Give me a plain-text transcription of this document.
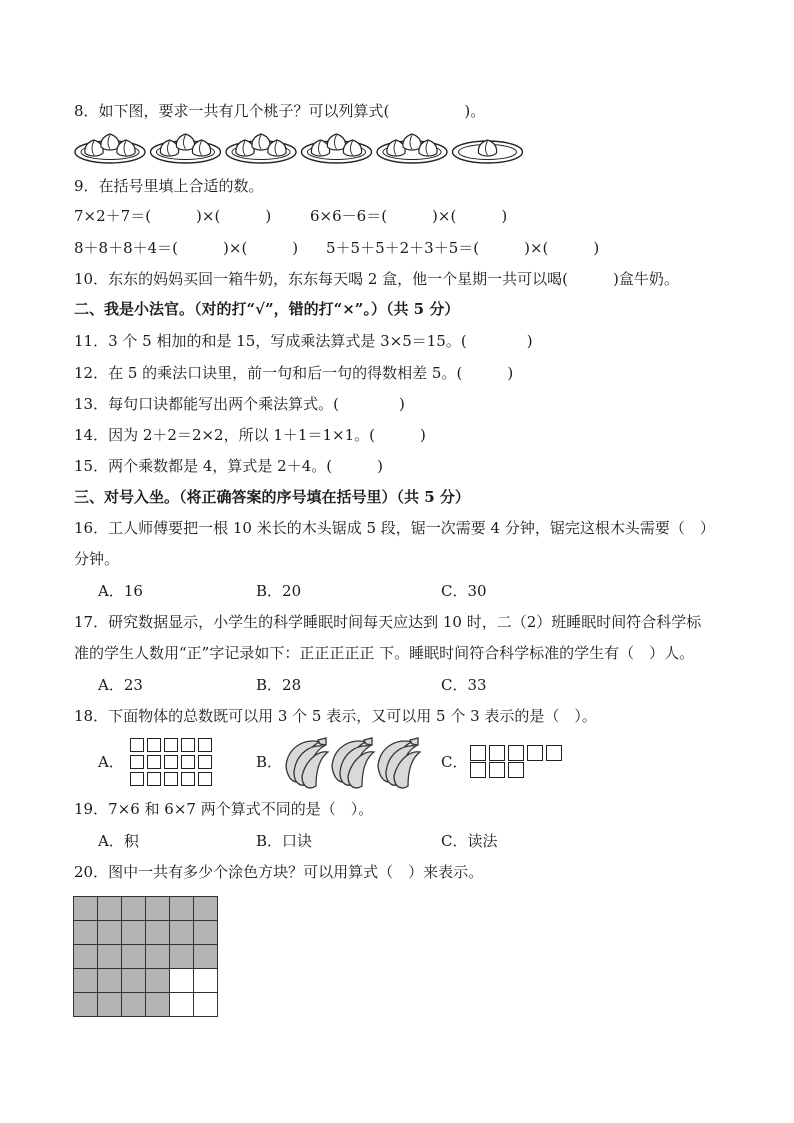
8．如下图，要求一共有几个桃子？可以列算式(　　　　　)。
9．在括号里填上合适的数。
7×2＋7＝(　　　)×(　　　)	6×6－6＝(　　　)×(　　　)
8＋8＋8＋4＝(　　　)×(　　　) 5＋5＋5＋2＋3＋5＝(　　　)×(　　　)
10．东东的妈妈买回一箱牛奶，东东每天喝 2 盒，他一个星期一共可以喝(　　　)盒牛奶。
二、我是小法官。（对的打“√”，错的打“×”。）（共 5 分）
11．3 个 5 相加的和是 15，写成乘法算式是 3×5＝15。(　　　　)
12．在 5 的乘法口诀里，前一句和后一句的得数相差 5。(　　　)
13．每句口诀都能写出两个乘法算式。(　　　　)
14．因为 2＋2＝2×2，所以 1＋1＝1×1。(　　　)
15．两个乘数都是 4，算式是 2＋4。(　　　)
三、对号入坐。（将正确答案的序号填在括号里）（共 5 分）
16．工人师傅要把一根 10 米长的木头锯成 5 段，锯一次需要 4 分钟，锯完这根木头需要（　）
分钟。
A．16	B．20	C．30
17．研究数据显示，小学生的科学睡眠时间每天应达到 10 时，二（2）班睡眠时间符合科学标
准的学生人数用“正”字记录如下：正正正正正 下。睡眠时间符合科学标准的学生有（　）人。
A．23	B．28	C．33
18．下面物体的总数既可以用 3 个 5 表示，又可以用 5 个 3 表示的是（　）。
A．	B．	C．
19．7×6 和 6×7 两个算式不同的是（　）。
A．积	B．口诀	C．读法
20．图中一共有多少个涂色方块？可以用算式（　）来表示。
